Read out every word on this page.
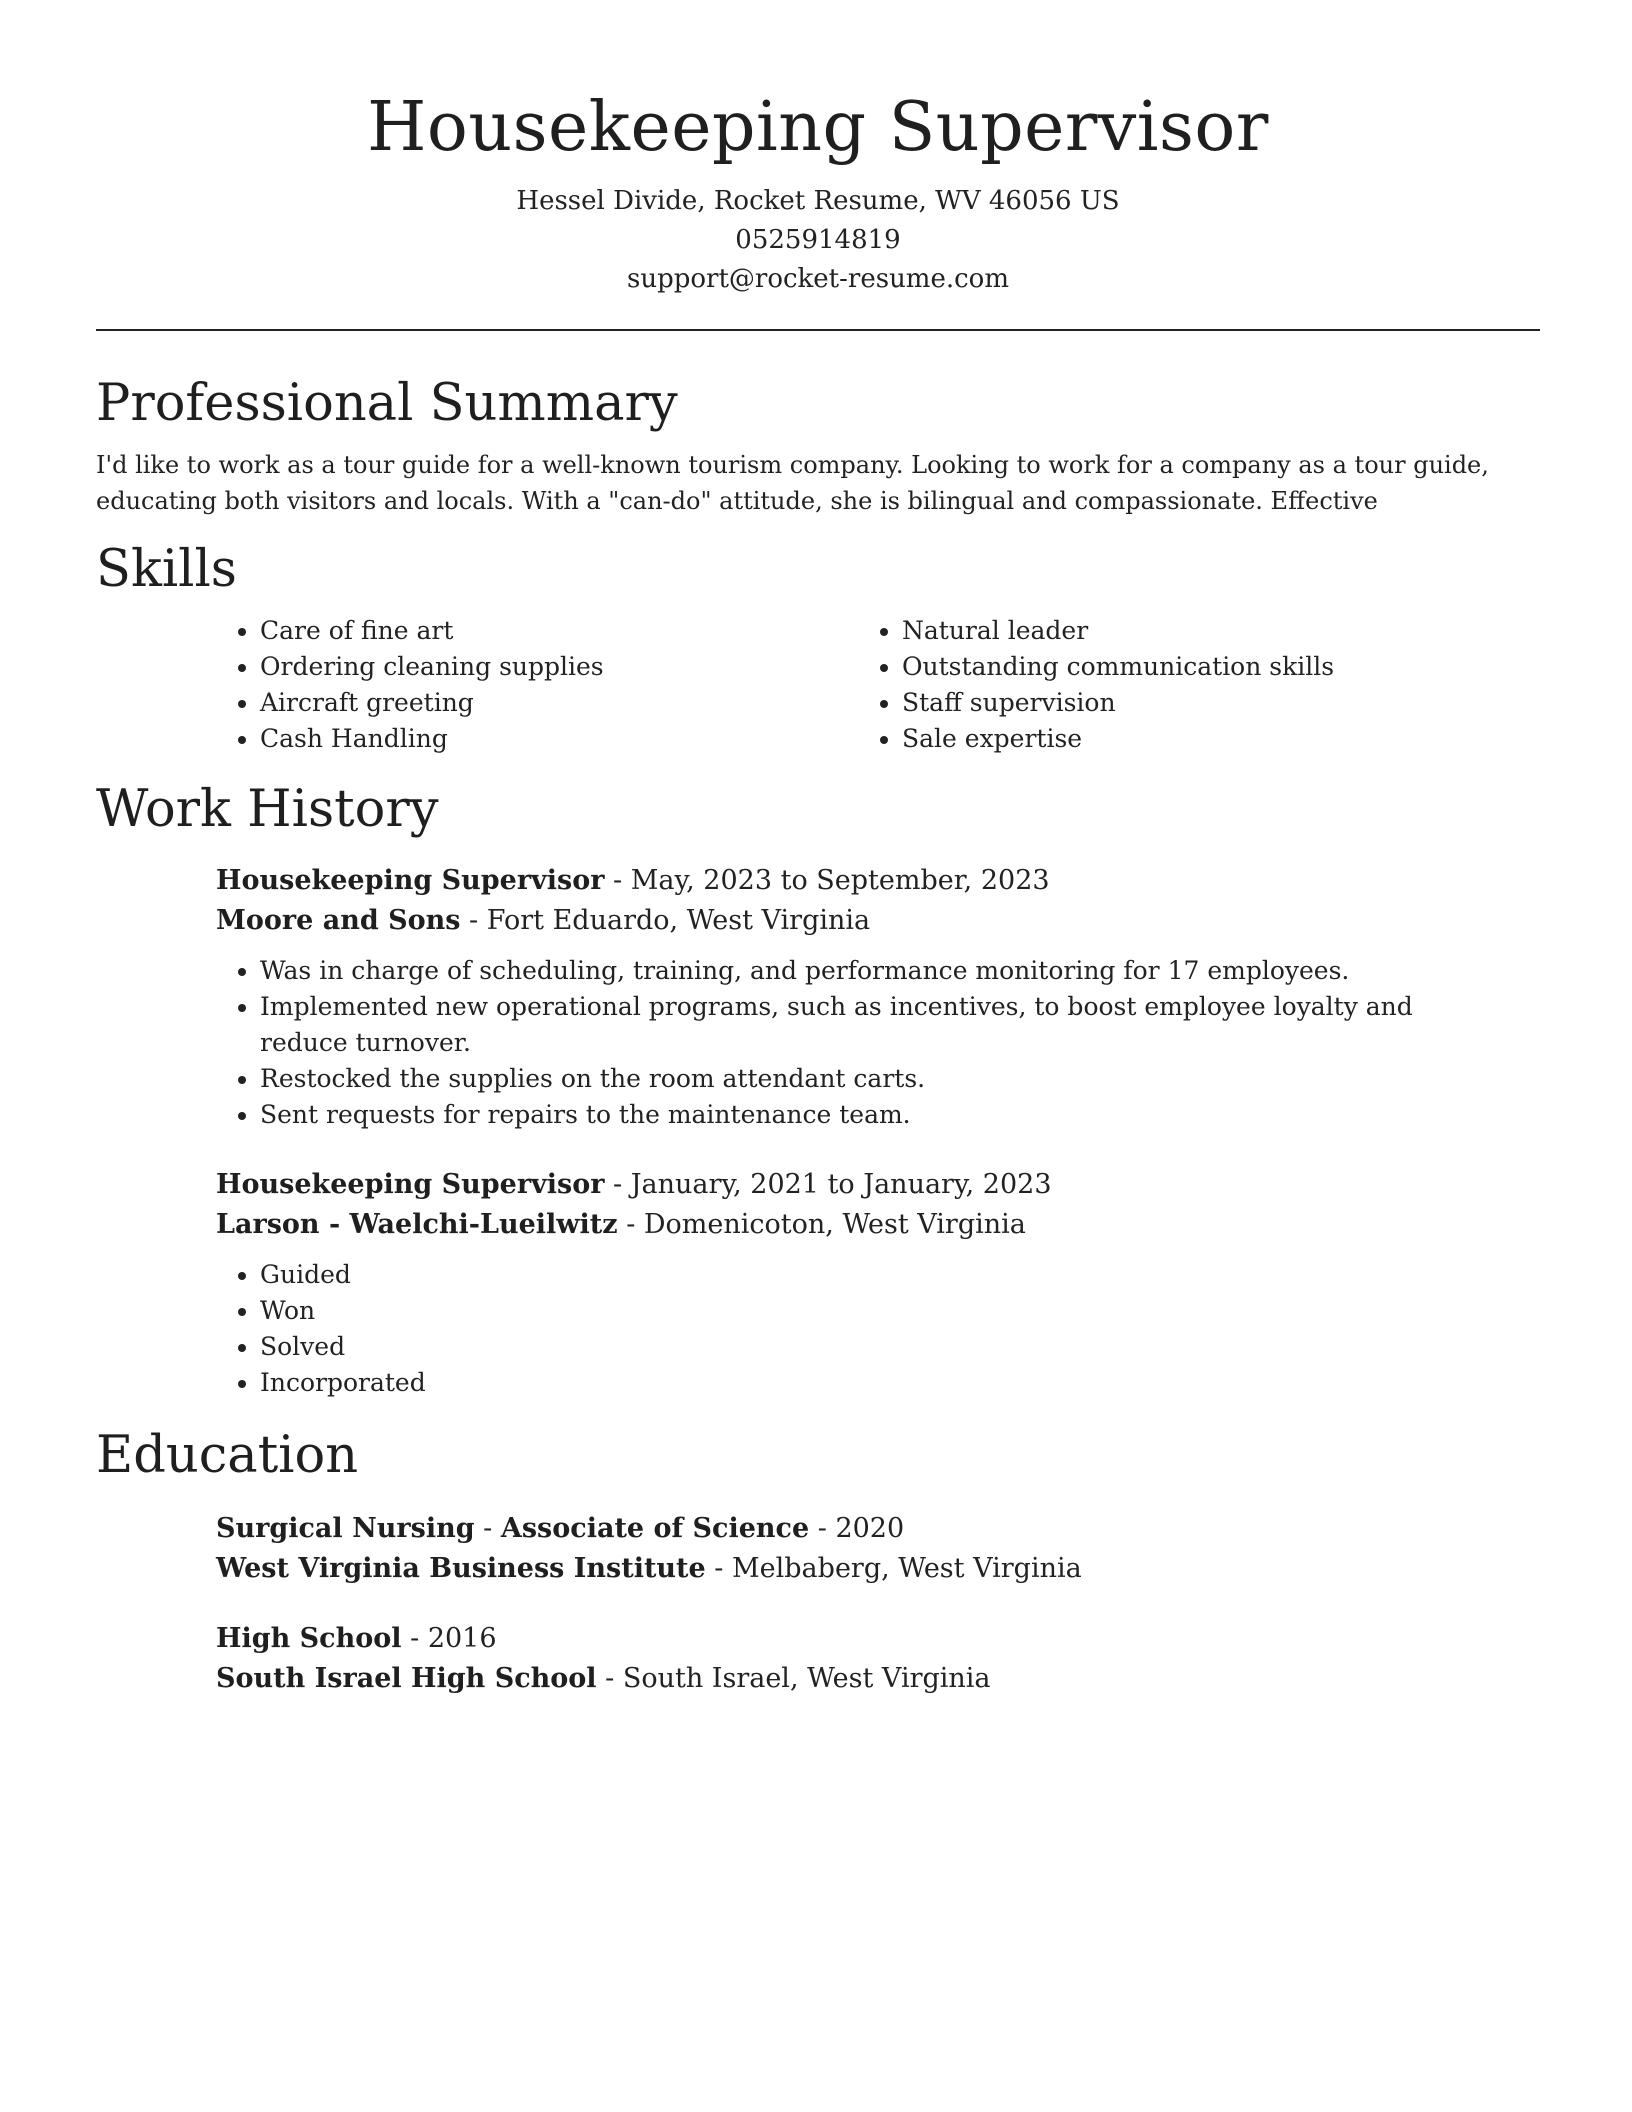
Housekeeping Supervisor
Hessel Divide, Rocket Resume, WV 46056 US
0525914819
support@rocket-resume.com
Professional Summary

I'd like to work as a tour guide for a well-known tourism company. Looking to work for a company as a tour guide, educating both visitors and locals. With a "can-do" attitude, she is bilingual and compassionate. Effective

Skills
• Care of fine art
• Ordering cleaning supplies
• Aircraft greeting
• Cash Handling
• Natural leader
• Outstanding communication skills
• Staff supervision
• Sale expertise
Work History
Housekeeping Supervisor - May, 2023 to September, 2023
Moore and Sons - Fort Eduardo, West Virginia
• Was in charge of scheduling, training, and performance monitoring for 17 employees.
• Implemented new operational programs, such as incentives, to boost employee loyalty and reduce turnover.
• Restocked the supplies on the room attendant carts.
• Sent requests for repairs to the maintenance team.
Housekeeping Supervisor - January, 2021 to January, 2023
Larson - Waelchi-Lueilwitz - Domenicoton, West Virginia
• Guided
• Won
• Solved
• Incorporated
Education
Surgical Nursing - Associate of Science - 2020
West Virginia Business Institute - Melbaberg, West Virginia
High School - 2016
South Israel High School - South Israel, West Virginia
